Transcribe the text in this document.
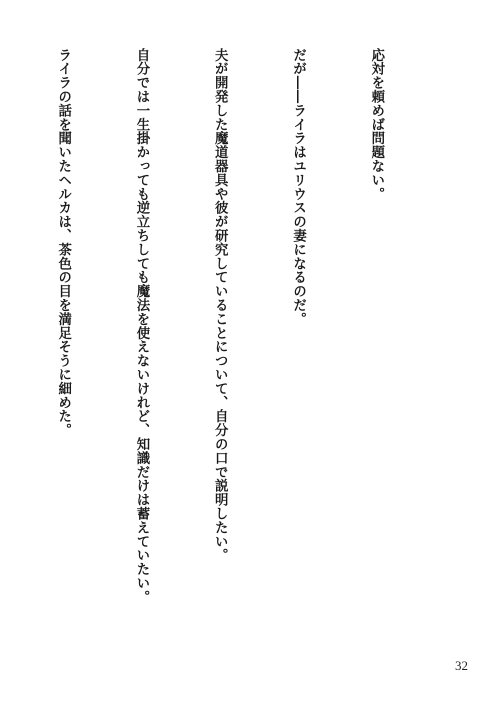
応対を頼めば問題ない。

だが――ライラはユリウスの妻になるのだ。

夫が開発した魔道器具や彼が研究していることについて、自分の口で説明したい。

自分では一生掛かっても逆立ちしても魔法を使えないけれど、知識だけは蓄えていたい。

ライラの話を聞いたヘルカは、茶色の目を満足そうに細めた。

32
